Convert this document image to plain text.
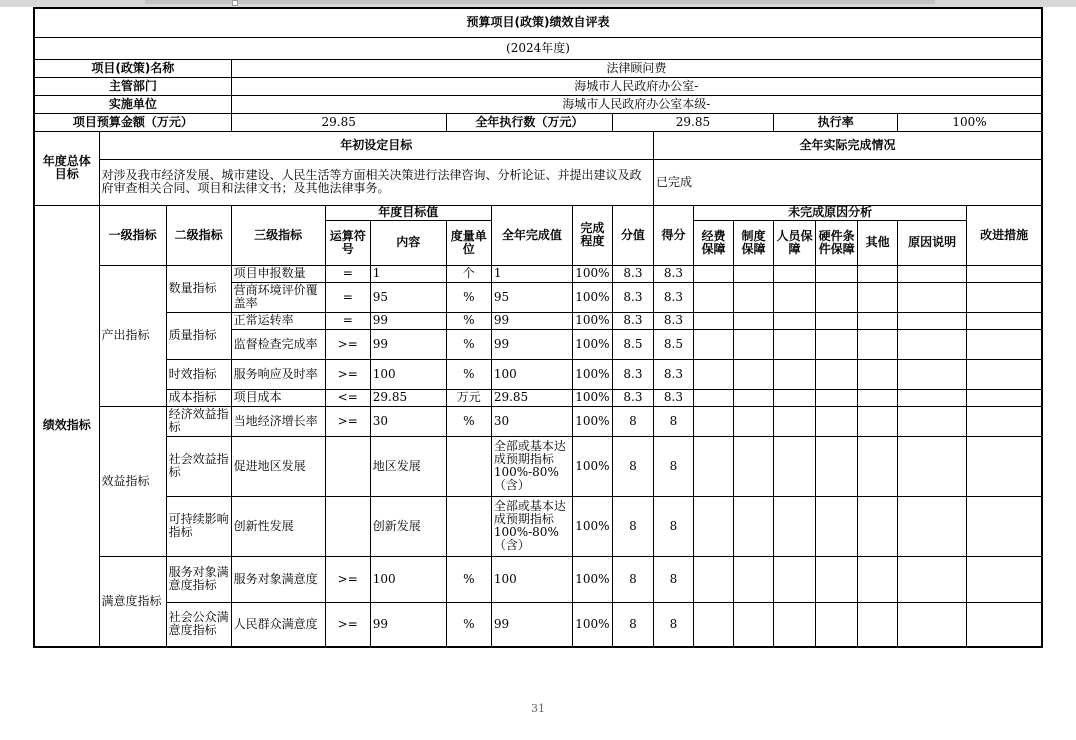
预算项目(政策)绩效自评表																	
(2024年度)																	
项目(政策)名称			法律顾问费														
主管部门			海城市人民政府办公室-														
实施单位			海城市人民政府办公室本级-														
项目预算金额（万元）			29.85			全年执行数（万元）			29.85				执行率			100%	
年度总体目标	年初设定目标									全年实际完成情况							
	对涉及我市经济发展、城市建设、人民生活等方面相关决策进行法律咨询、分析论证、并提出建议及政府审查相关合同、项目和法律文书；及其他法律事务。									已完成							
绩效指标	一级指标	二级指标	三级指标	年度目标值			全年完成值	完成程度	分值	得分	未完成原因分析						改进措施
				运算符号	内容	度量单位					经费保障	制度保障	人员保障	硬件条件保障	其他	原因说明	
	产出指标	数量指标	项目申报数量	=	1	个	1	100%	8.3	8.3							
			营商环境评价覆盖率	=	95	%	95	100%	8.3	8.3							
		质量指标	正常运转率	=	99	%	99	100%	8.3	8.3							
			监督检查完成率	>=	99	%	99	100%	8.5	8.5							
		时效指标	服务响应及时率	>=	100	%	100	100%	8.3	8.3							
		成本指标	项目成本	<=	29.85	万元	29.85	100%	8.3	8.3							
	效益指标	经济效益指标	当地经济增长率	>=	30	%	30	100%	8	8							
		社会效益指标	促进地区发展		地区发展		全部或基本达成预期指标100%-80%（含）	100%	8	8							
		可持续影响指标	创新性发展		创新发展		全部或基本达成预期指标100%-80%（含）	100%	8	8							
	满意度指标	服务对象满意度指标	服务对象满意度	>=	100	%	100	100%	8	8							
		社会公众满意度指标	人民群众满意度	>=	99	%	99	100%	8	8							
31
